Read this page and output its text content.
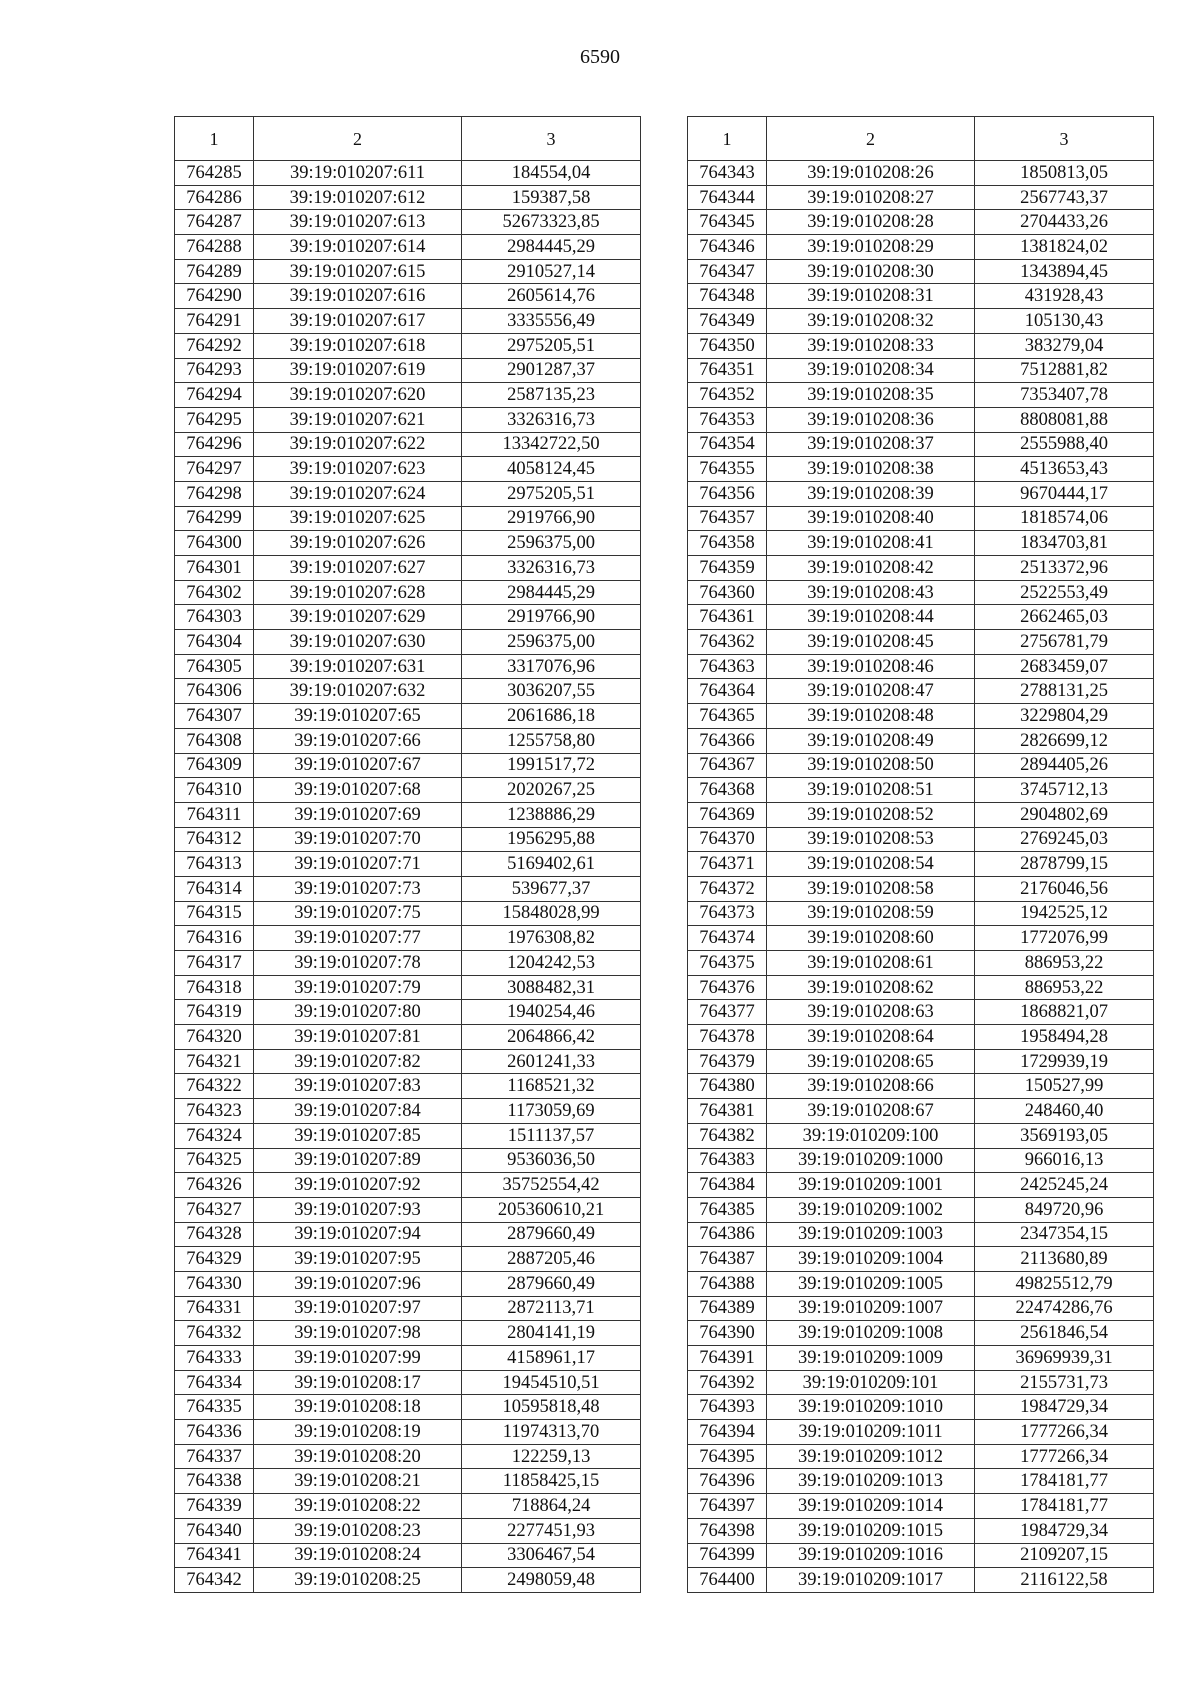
6590
1	2	3
764285	39:19:010207:611	184554,04
764286	39:19:010207:612	159387,58
764287	39:19:010207:613	52673323,85
764288	39:19:010207:614	2984445,29
764289	39:19:010207:615	2910527,14
764290	39:19:010207:616	2605614,76
764291	39:19:010207:617	3335556,49
764292	39:19:010207:618	2975205,51
764293	39:19:010207:619	2901287,37
764294	39:19:010207:620	2587135,23
764295	39:19:010207:621	3326316,73
764296	39:19:010207:622	13342722,50
764297	39:19:010207:623	4058124,45
764298	39:19:010207:624	2975205,51
764299	39:19:010207:625	2919766,90
764300	39:19:010207:626	2596375,00
764301	39:19:010207:627	3326316,73
764302	39:19:010207:628	2984445,29
764303	39:19:010207:629	2919766,90
764304	39:19:010207:630	2596375,00
764305	39:19:010207:631	3317076,96
764306	39:19:010207:632	3036207,55
764307	39:19:010207:65	2061686,18
764308	39:19:010207:66	1255758,80
764309	39:19:010207:67	1991517,72
764310	39:19:010207:68	2020267,25
764311	39:19:010207:69	1238886,29
764312	39:19:010207:70	1956295,88
764313	39:19:010207:71	5169402,61
764314	39:19:010207:73	539677,37
764315	39:19:010207:75	15848028,99
764316	39:19:010207:77	1976308,82
764317	39:19:010207:78	1204242,53
764318	39:19:010207:79	3088482,31
764319	39:19:010207:80	1940254,46
764320	39:19:010207:81	2064866,42
764321	39:19:010207:82	2601241,33
764322	39:19:010207:83	1168521,32
764323	39:19:010207:84	1173059,69
764324	39:19:010207:85	1511137,57
764325	39:19:010207:89	9536036,50
764326	39:19:010207:92	35752554,42
764327	39:19:010207:93	205360610,21
764328	39:19:010207:94	2879660,49
764329	39:19:010207:95	2887205,46
764330	39:19:010207:96	2879660,49
764331	39:19:010207:97	2872113,71
764332	39:19:010207:98	2804141,19
764333	39:19:010207:99	4158961,17
764334	39:19:010208:17	19454510,51
764335	39:19:010208:18	10595818,48
764336	39:19:010208:19	11974313,70
764337	39:19:010208:20	122259,13
764338	39:19:010208:21	11858425,15
764339	39:19:010208:22	718864,24
764340	39:19:010208:23	2277451,93
764341	39:19:010208:24	3306467,54
764342	39:19:010208:25	2498059,48
1	2	3
764343	39:19:010208:26	1850813,05
764344	39:19:010208:27	2567743,37
764345	39:19:010208:28	2704433,26
764346	39:19:010208:29	1381824,02
764347	39:19:010208:30	1343894,45
764348	39:19:010208:31	431928,43
764349	39:19:010208:32	105130,43
764350	39:19:010208:33	383279,04
764351	39:19:010208:34	7512881,82
764352	39:19:010208:35	7353407,78
764353	39:19:010208:36	8808081,88
764354	39:19:010208:37	2555988,40
764355	39:19:010208:38	4513653,43
764356	39:19:010208:39	9670444,17
764357	39:19:010208:40	1818574,06
764358	39:19:010208:41	1834703,81
764359	39:19:010208:42	2513372,96
764360	39:19:010208:43	2522553,49
764361	39:19:010208:44	2662465,03
764362	39:19:010208:45	2756781,79
764363	39:19:010208:46	2683459,07
764364	39:19:010208:47	2788131,25
764365	39:19:010208:48	3229804,29
764366	39:19:010208:49	2826699,12
764367	39:19:010208:50	2894405,26
764368	39:19:010208:51	3745712,13
764369	39:19:010208:52	2904802,69
764370	39:19:010208:53	2769245,03
764371	39:19:010208:54	2878799,15
764372	39:19:010208:58	2176046,56
764373	39:19:010208:59	1942525,12
764374	39:19:010208:60	1772076,99
764375	39:19:010208:61	886953,22
764376	39:19:010208:62	886953,22
764377	39:19:010208:63	1868821,07
764378	39:19:010208:64	1958494,28
764379	39:19:010208:65	1729939,19
764380	39:19:010208:66	150527,99
764381	39:19:010208:67	248460,40
764382	39:19:010209:100	3569193,05
764383	39:19:010209:1000	966016,13
764384	39:19:010209:1001	2425245,24
764385	39:19:010209:1002	849720,96
764386	39:19:010209:1003	2347354,15
764387	39:19:010209:1004	2113680,89
764388	39:19:010209:1005	49825512,79
764389	39:19:010209:1007	22474286,76
764390	39:19:010209:1008	2561846,54
764391	39:19:010209:1009	36969939,31
764392	39:19:010209:101	2155731,73
764393	39:19:010209:1010	1984729,34
764394	39:19:010209:1011	1777266,34
764395	39:19:010209:1012	1777266,34
764396	39:19:010209:1013	1784181,77
764397	39:19:010209:1014	1784181,77
764398	39:19:010209:1015	1984729,34
764399	39:19:010209:1016	2109207,15
764400	39:19:010209:1017	2116122,58
